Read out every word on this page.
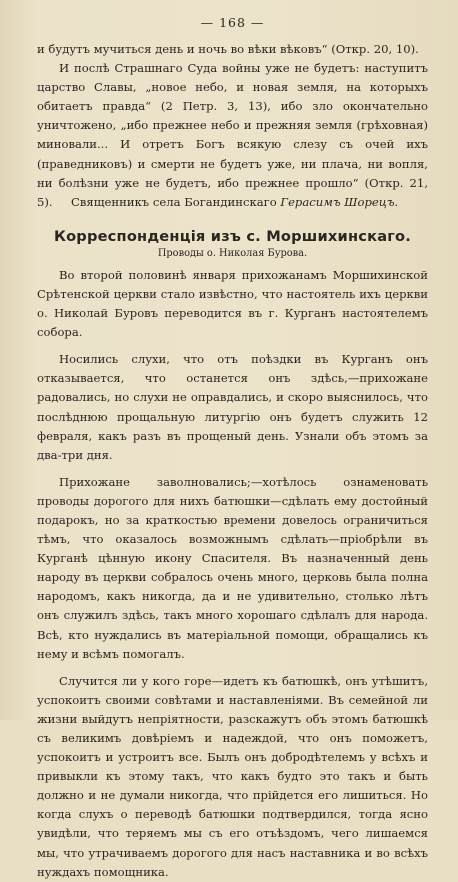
— 168 —

и будутъ мучиться день и ночь во вѣки вѣковъ“ (Откр. 20, 10).

И послѣ Страшнаго Суда войны уже не будетъ: наступитъ царство Славы, „новое небо, и новая земля, на которыхъ обитаетъ правда“ (2 Петр. 3, 13), ибо зло окончательно уничтожено, „ибо прежнее небо и прежняя земля (грѣховная) миновали... И отретъ Богъ всякую слезу съ очей ихъ (праведниковъ) и смерти не будетъ уже, ни плача, ни вопля, ни болѣзни уже не будетъ, ибо прежнее прошло“ (Откр. 21, 5). Священникъ села Богандинскаго Герасимъ Шорецъ.

Корреспонденція изъ с. Моршихинскаго.
Проводы о. Николая Бурова.

Во второй половинѣ января прихожанамъ Моршихинской Срѣтенской церкви стало извѣстно, что настоятель ихъ церкви о. Николай Буровъ переводится въ г. Курганъ настоятелемъ собора.

Носились слухи, что отъ поѣздки въ Курганъ онъ отказывается, что останется онъ здѣсь,—прихожане радовались, но слухи не оправдались, и скоро выяснилось, что послѣднюю прощальную литургію онъ будетъ служить 12 февраля, какъ разъ въ прощеный день. Узнали объ этомъ за два-три дня.

Прихожане заволновались;—хотѣлось ознаменовать проводы дорогого для нихъ батюшки—сдѣлать ему достойный подарокъ, но за краткостью времени довелось ограничиться тѣмъ, что оказалось возможнымъ сдѣлать—пріобрѣли въ Курганѣ цѣнную икону Спасителя. Въ назначенный день народу въ церкви собралось очень много, церковь была полна народомъ, какъ никогда, да и не удивительно, столько лѣтъ онъ служилъ здѣсь, такъ много хорошаго сдѣлалъ для народа. Всѣ, кто нуждались въ матеріальной помощи, обращались къ нему и всѣмъ помогалъ.

Случится ли у кого горе—идетъ къ батюшкѣ, онъ утѣшитъ, успокоитъ своими совѣтами и наставленіями. Въ семейной ли жизни выйдутъ непріятности, разскажутъ объ этомъ батюшкѣ съ великимъ довѣріемъ и надеждой, что онъ поможетъ, успокоитъ и устроитъ все. Былъ онъ добродѣтелемъ у всѣхъ и привыкли къ этому такъ, что какъ будто это такъ и быть должно и не думали никогда, что прійдется его лишиться. Но когда слухъ о переводѣ батюшки подтвердился, тогда ясно увидѣли, что теряемъ мы съ его отъѣздомъ, чего лишаемся мы, что утрачиваемъ дорогого для насъ наставника и во всѣхъ нуждахъ помощника.
